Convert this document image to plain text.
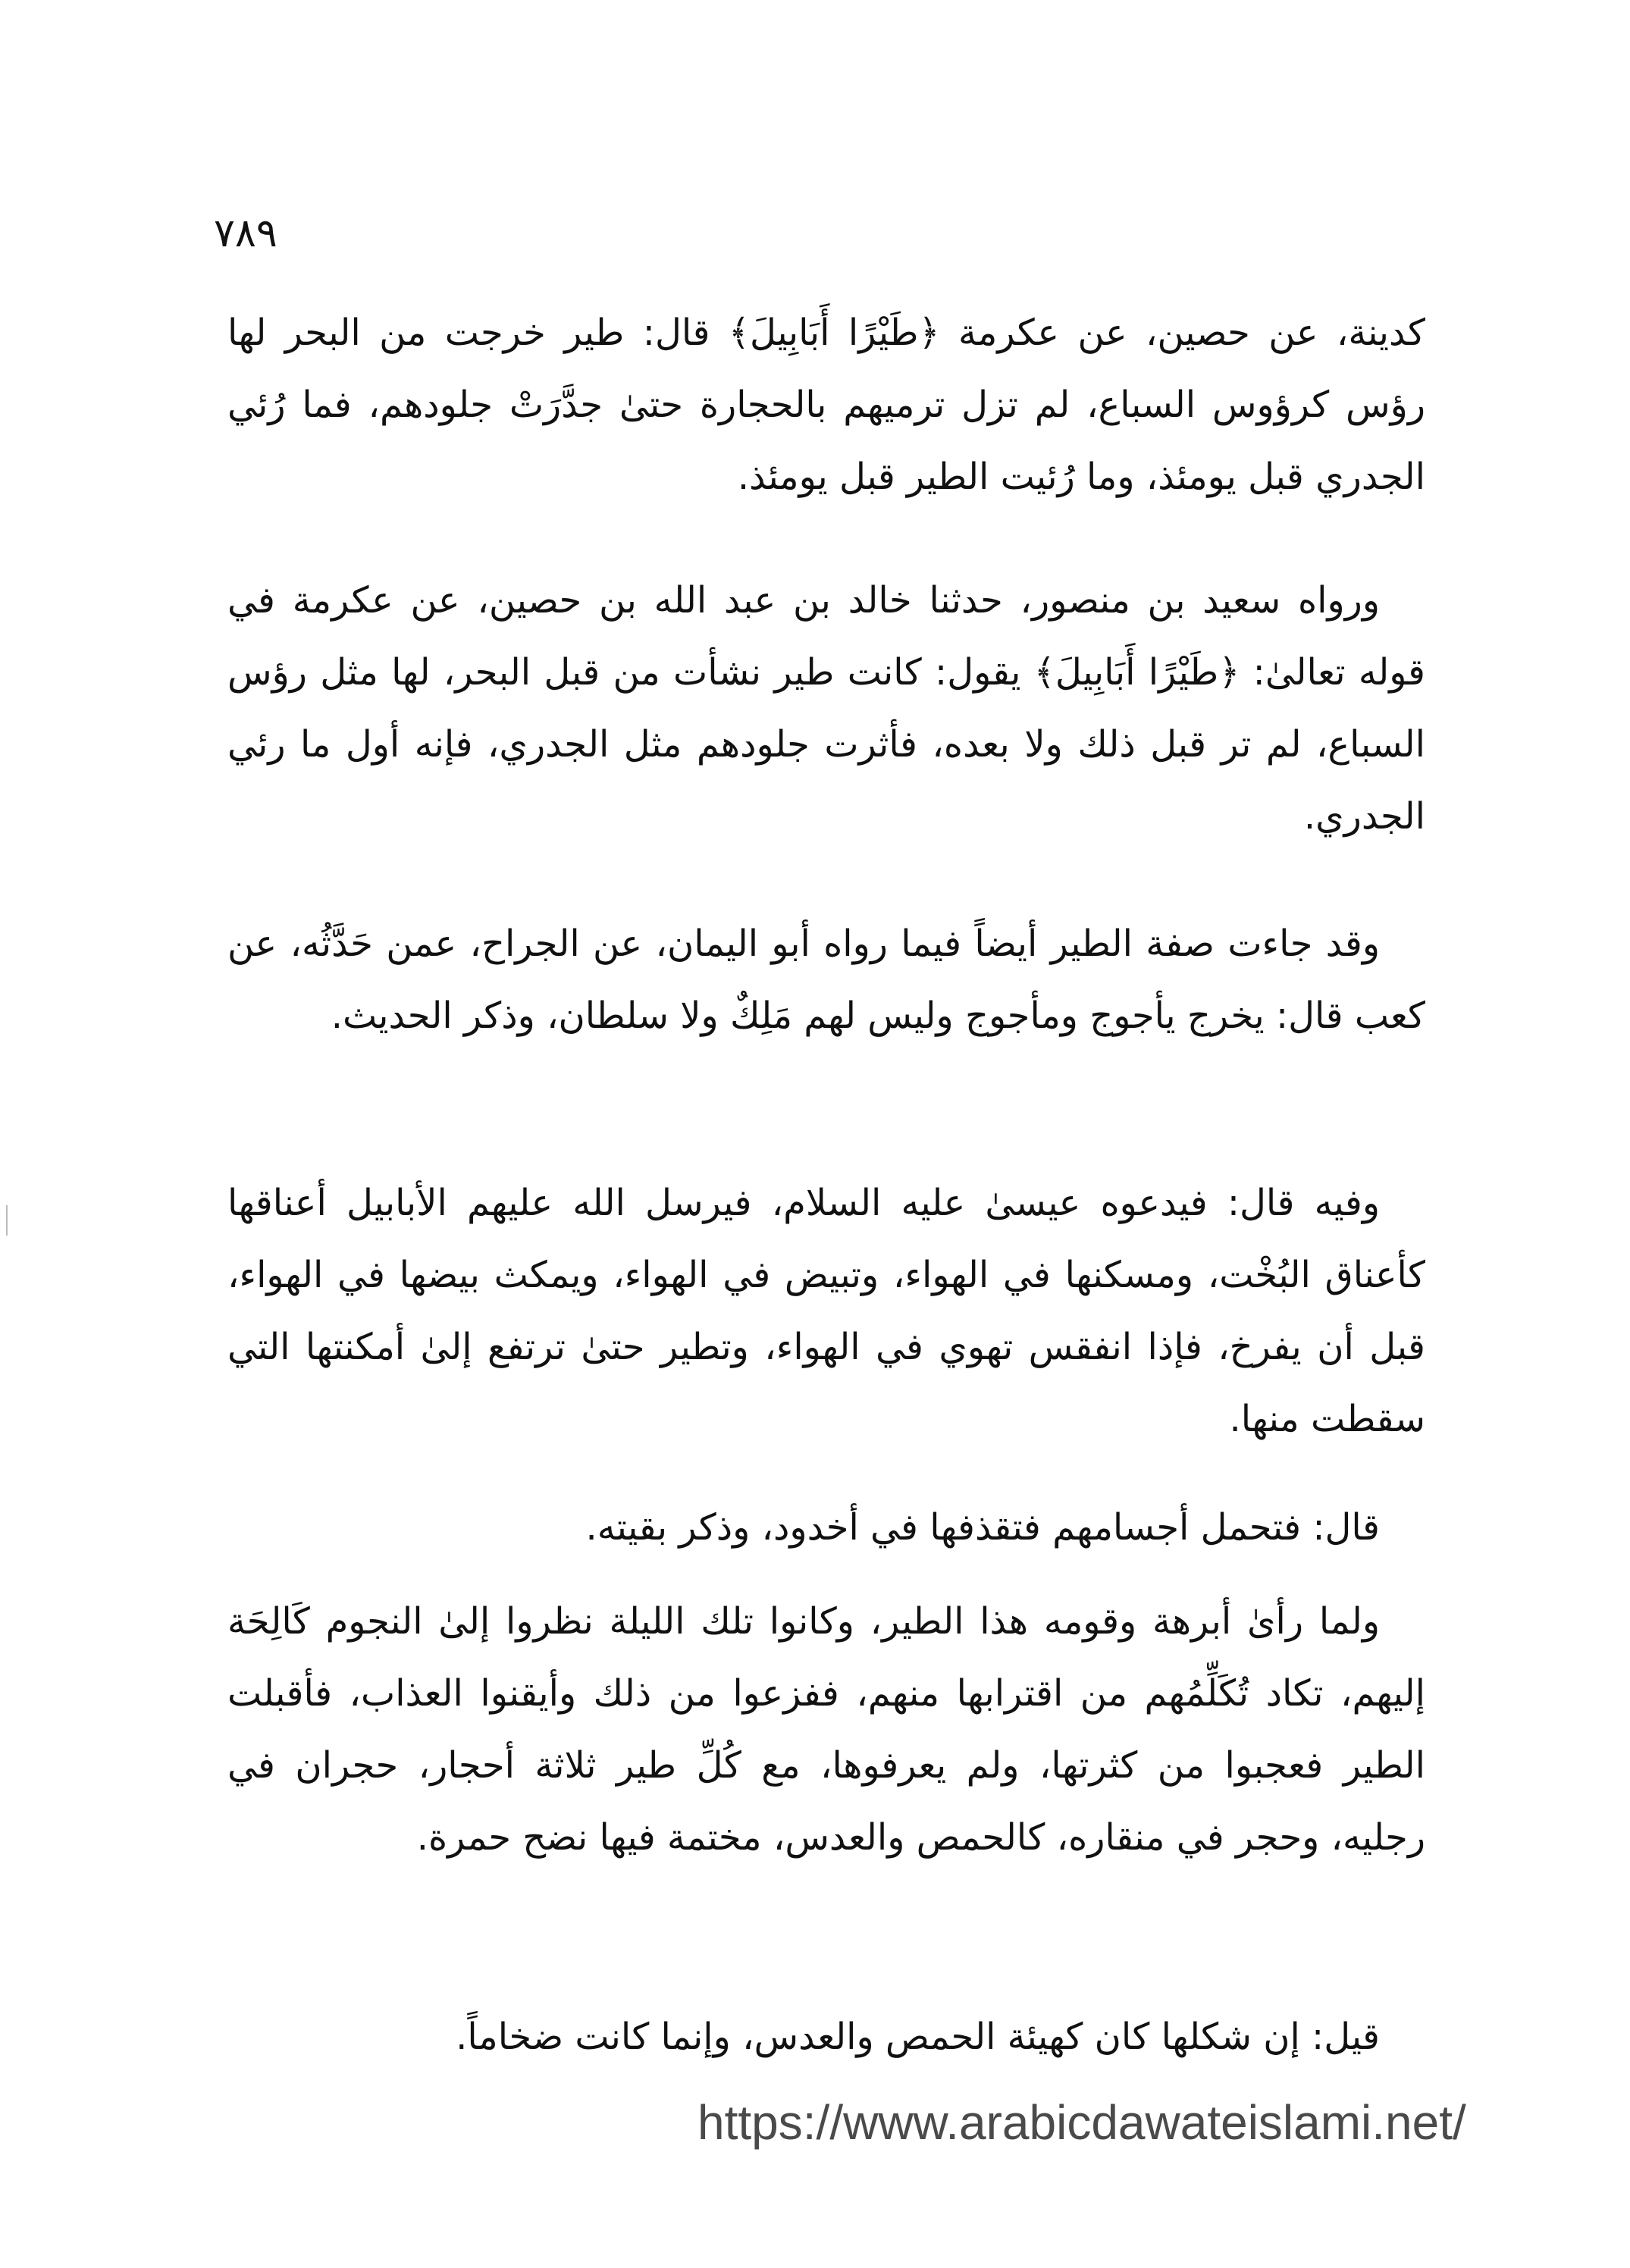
٧٨٩

كدينة، عن حصين، عن عكرمة ﴿طَيْرًا أَبَابِيلَ﴾ قال: طير خرجت من البحر لها رؤس كرؤوس السباع، لم تزل ترميهم بالحجارة حتىٰ جدَّرَتْ جلودهم، فما رُئي الجدري قبل يومئذ، وما رُئيت الطير قبل يومئذ.

ورواه سعيد بن منصور، حدثنا خالد بن عبد الله بن حصين، عن عكرمة في قوله تعالىٰ: ﴿طَيْرًا أَبَابِيلَ﴾ يقول: كانت طير نشأت من قبل البحر، لها مثل رؤس السباع، لم تر قبل ذلك ولا بعده، فأثرت جلودهم مثل الجدري، فإنه أول ما رئي الجدري.

وقد جاءت صفة الطير أيضاً فيما رواه أبو اليمان، عن الجراح، عمن حَدَّثُه، عن كعب قال: يخرج يأجوج ومأجوج وليس لهم مَلِكٌ ولا سلطان، وذكر الحديث.

وفيه قال: فيدعوه عيسىٰ عليه السلام، فيرسل الله عليهم الأبابيل أعناقها كأعناق البُخْت، ومسكنها في الهواء، وتبيض في الهواء، ويمكث بيضها في الهواء، قبل أن يفرخ، فإذا انفقس تهوي في الهواء، وتطير حتىٰ ترتفع إلىٰ أمكنتها التي سقطت منها.

قال: فتحمل أجسامهم فتقذفها في أخدود، وذكر بقيته.

ولما رأىٰ أبرهة وقومه هذا الطير، وكانوا تلك الليلة نظروا إلىٰ النجوم كَالِحَة إليهم، تكاد تُكَلِّمُهم من اقترابها منهم، ففزعوا من ذلك وأيقنوا العذاب، فأقبلت الطير فعجبوا من كثرتها، ولم يعرفوها، مع كُلِّ طير ثلاثة أحجار، حجران في رجليه، وحجر في منقاره، كالحمص والعدس، مختمة فيها نضح حمرة.

قيل: إن شكلها كان كهيئة الحمص والعدس، وإنما كانت ضخاماً.

https://www.arabicdawateislami.net/
